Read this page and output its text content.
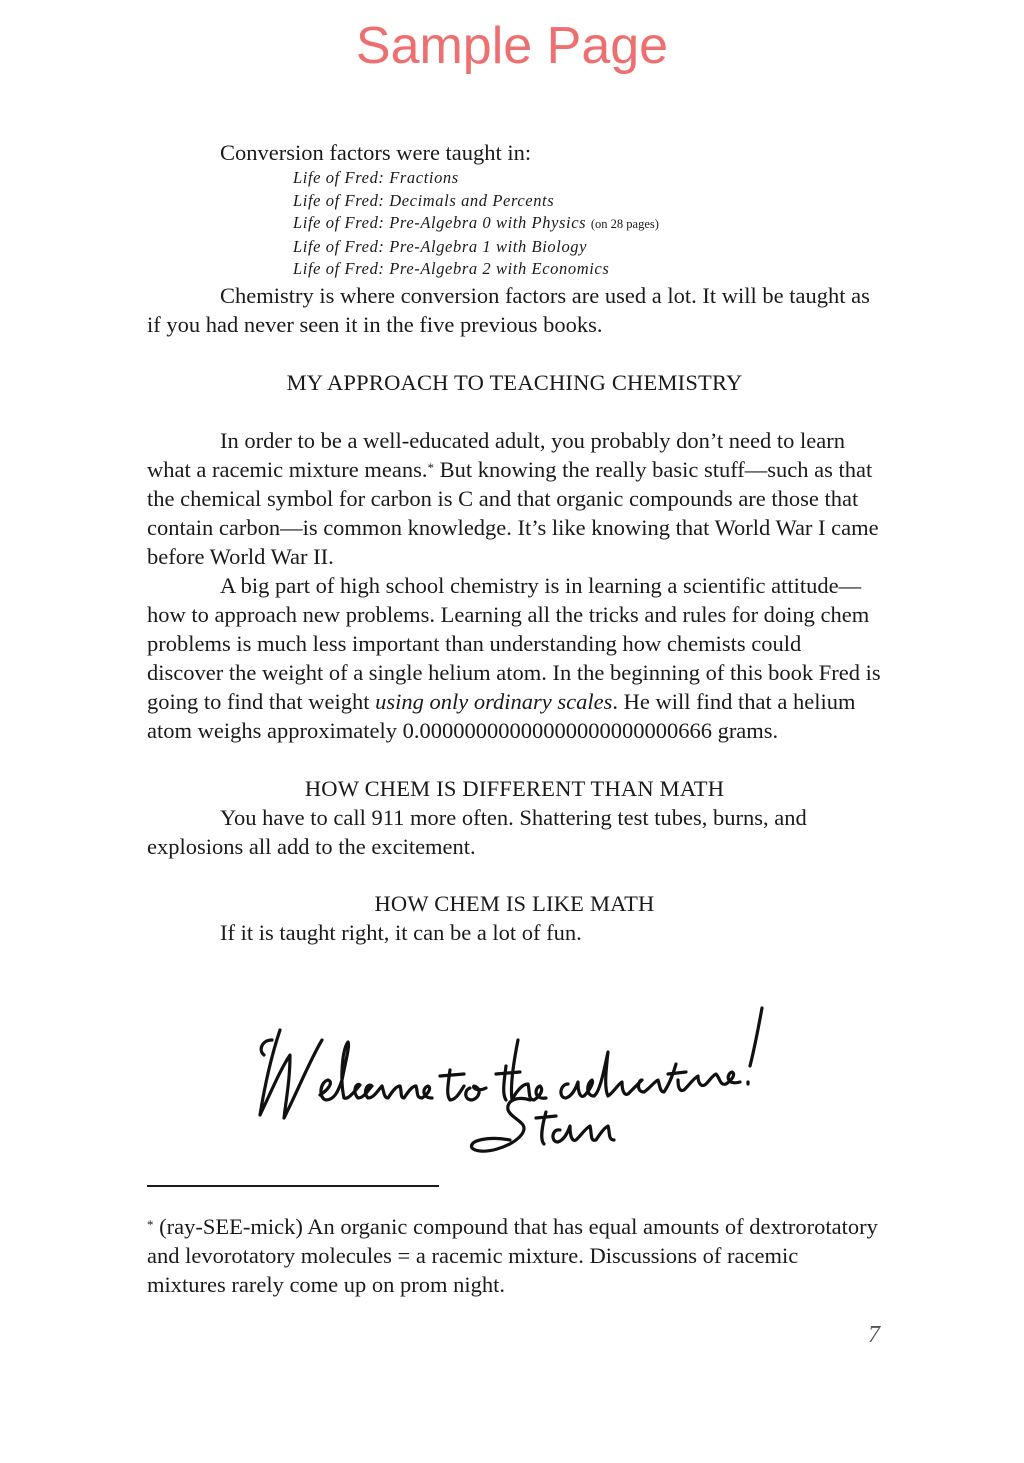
Sample Page

Conversion factors were taught in:

Life of Fred: Fractions
Life of Fred: Decimals and Percents
Life of Fred: Pre-Algebra 0 with Physics (on 28 pages)
Life of Fred: Pre-Algebra 1 with Biology
Life of Fred: Pre-Algebra 2 with Economics

Chemistry is where conversion factors are used a lot. It will be taught as if you had never seen it in the five previous books.

MY APPROACH TO TEACHING CHEMISTRY

In order to be a well-educated adult, you probably don’t need to learn what a racemic mixture means.* But knowing the really basic stuff—such as that the chemical symbol for carbon is C and that organic compounds are those that contain carbon—is common knowledge. It’s like knowing that World War I came before World War II.

A big part of high school chemistry is in learning a scientific attitude—how to approach new problems. Learning all the tricks and rules for doing chem problems is much less important than understanding how chemists could discover the weight of a single helium atom. In the beginning of this book Fred is going to find that weight using only ordinary scales. He will find that a helium atom weighs approximately 0.00000000000000000000000666 grams.

HOW CHEM IS DIFFERENT THAN MATH

You have to call 911 more often. Shattering test tubes, burns, and explosions all add to the excitement.

HOW CHEM IS LIKE MATH

If it is taught right, it can be a lot of fun.

* (ray-SEE-mick) An organic compound that has equal amounts of dextrorotatory and levorotatory molecules = a racemic mixture. Discussions of racemic mixtures rarely come up on prom night.

7
